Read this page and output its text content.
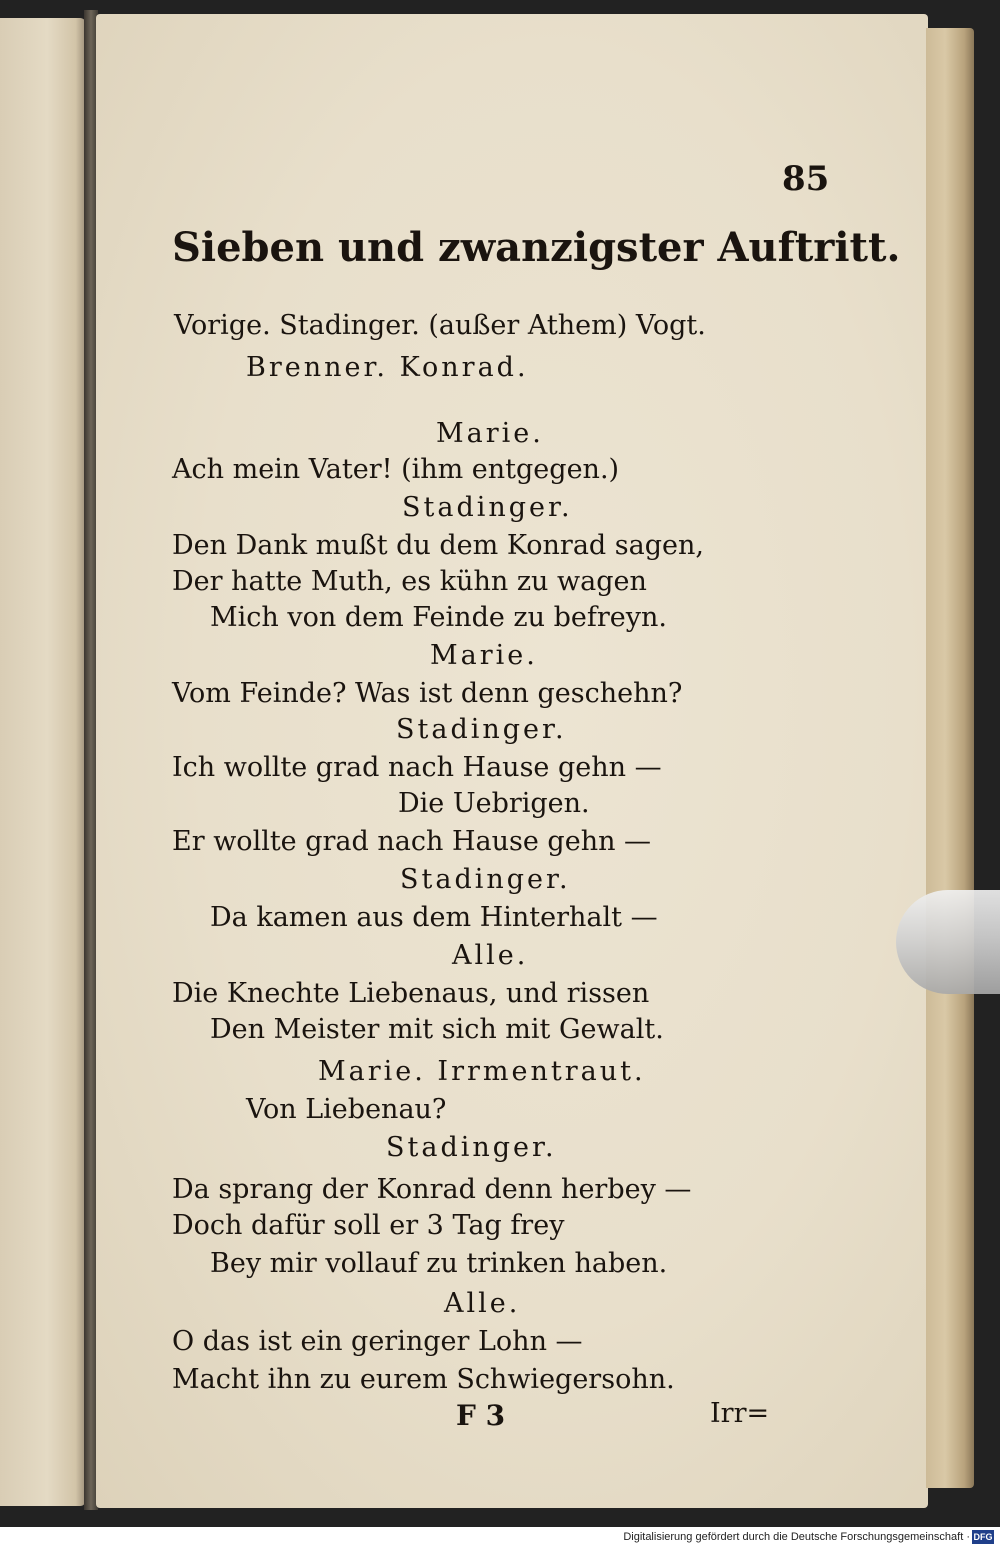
85
Sieben und zwanzigster Auftritt.
Vorige. Stadinger. (außer Athem) Vogt.
Brenner. Konrad.
Marie.
Ach mein Vater! (ihm entgegen.)
Stadinger.
Den Dank mußt du dem Konrad sagen,
Der hatte Muth, es kühn zu wagen
Mich von dem Feinde zu befreyn.
Marie.
Vom Feinde? Was ist denn geschehn?
Stadinger.
Ich wollte grad nach Hause gehn —
Die Uebrigen.
Er wollte grad nach Hause gehn —
Stadinger.
Da kamen aus dem Hinterhalt —
Alle.
Die Knechte Liebenaus, und rissen
Den Meister mit sich mit Gewalt.
Marie. Irrmentraut.
Von Liebenau?
Stadinger.
Da sprang der Konrad denn herbey —
Doch dafür soll er 3 Tag frey
Bey mir vollauf zu trinken haben.
Alle.
O das ist ein geringer Lohn —
Macht ihn zu eurem Schwiegersohn.
F 3	Irr=
Digitalisierung gefördert durch die Deutsche Forschungsgemeinschaft · DFG
